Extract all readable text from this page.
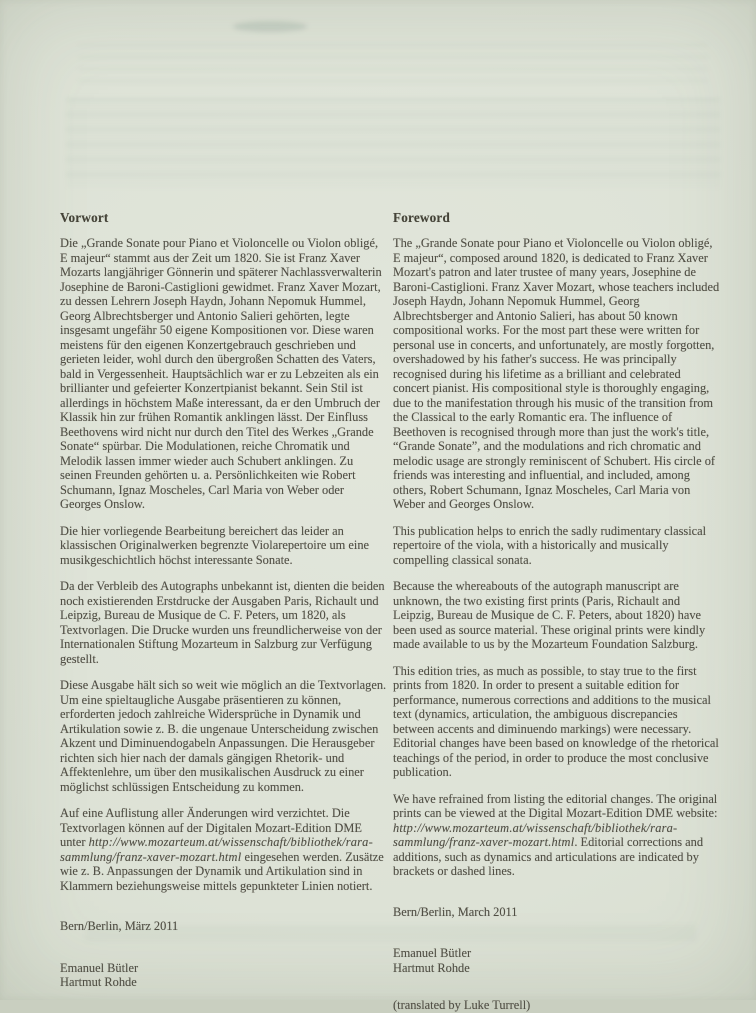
Vorwort

Die „Grande Sonate pour Piano et Violoncelle ou Violon obligé, E majeur“ stammt aus der Zeit um 1820. Sie ist Franz Xaver Mozarts langjähriger Gönnerin und späterer Nachlassverwalterin Josephine de Baroni-Castiglioni gewidmet. Franz Xaver Mozart, zu dessen Lehrern Joseph Haydn, Johann Nepomuk Hummel, Georg Albrechtsberger und Antonio Salieri gehörten, legte insgesamt ungefähr 50 eigene Kompositionen vor. Diese waren meistens für den eigenen Konzertgebrauch geschrieben und gerieten leider, wohl durch den übergroßen Schatten des Vaters, bald in Vergessenheit. Hauptsächlich war er zu Lebzeiten als ein brillianter und gefeierter Konzertpianist bekannt. Sein Stil ist allerdings in höchstem Maße interessant, da er den Umbruch der Klassik hin zur frühen Romantik anklingen lässt. Der Einfluss Beethovens wird nicht nur durch den Titel des Werkes „Grande Sonate“ spürbar. Die Modulationen, reiche Chromatik und Melodik lassen immer wieder auch Schubert anklingen. Zu seinen Freunden gehörten u. a. Persönlichkeiten wie Robert Schumann, Ignaz Moscheles, Carl Maria von Weber oder Georges Onslow.

Die hier vorliegende Bearbeitung bereichert das leider an klassischen Originalwerken begrenzte Violarepertoire um eine musikgeschichtlich höchst interessante Sonate.

Da der Verbleib des Autographs unbekannt ist, dienten die beiden noch existierenden Erstdrucke der Ausgaben Paris, Richault und Leipzig, Bureau de Musique de C. F. Peters, um 1820, als Textvorlagen. Die Drucke wurden uns freundlicherweise von der Internationalen Stiftung Mozarteum in Salzburg zur Verfügung gestellt.

Diese Ausgabe hält sich so weit wie möglich an die Textvorlagen. Um eine spieltaugliche Ausgabe präsentieren zu können, erforderten jedoch zahlreiche Widersprüche in Dynamik und Artikulation sowie z. B. die ungenaue Unterscheidung zwischen Akzent und Diminuendogabeln Anpassungen. Die Herausgeber richten sich hier nach der damals gängigen Rhetorik- und Affektenlehre, um über den musikalischen Ausdruck zu einer möglichst schlüssigen Entscheidung zu kommen.

Auf eine Auflistung aller Änderungen wird verzichtet. Die Textvorlagen können auf der Digitalen Mozart-Edition DME unter http://www.mozarteum.at/wissenschaft/bibliothek/rara-sammlung/franz-xaver-mozart.html eingesehen werden. Zusätze wie z. B. Anpassungen der Dynamik und Artikulation sind in Klammern beziehungsweise mittels gepunkteter Linien notiert.

Bern/Berlin, März 2011

Emanuel Bütler
Hartmut Rohde
Foreword

The „Grande Sonate pour Piano et Violoncelle ou Violon obligé, E majeur“, composed around 1820, is dedicated to Franz Xaver Mozart's patron and later trustee of many years, Josephine de Baroni-Castiglioni. Franz Xaver Mozart, whose teachers included Joseph Haydn, Johann Nepomuk Hummel, Georg Albrechtsberger and Antonio Salieri, has about 50 known compositional works. For the most part these were written for personal use in concerts, and unfortunately, are mostly forgotten, overshadowed by his father's success. He was principally recognised during his lifetime as a brilliant and celebrated concert pianist. His compositional style is thoroughly engaging, due to the manifestation through his music of the transition from the Classical to the early Romantic era. The influence of Beethoven is recognised through more than just the work's title, “Grande Sonate”, and the modulations and rich chromatic and melodic usage are strongly reminiscent of Schubert. His circle of friends was interesting and influential, and included, among others, Robert Schumann, Ignaz Moscheles, Carl Maria von Weber and Georges Onslow.

This publication helps to enrich the sadly rudimentary classical repertoire of the viola, with a historically and musically compelling classical sonata.

Because the whereabouts of the autograph manuscript are unknown, the two existing first prints (Paris, Richault and Leipzig, Bureau de Musique de C. F. Peters, about 1820) have been used as source material. These original prints were kindly made available to us by the Mozarteum Foundation Salzburg.

This edition tries, as much as possible, to stay true to the first prints from 1820. In order to present a suitable edition for performance, numerous corrections and additions to the musical text (dynamics, articulation, the ambiguous discrepancies between accents and diminuendo markings) were necessary. Editorial changes have been based on knowledge of the rhetorical teachings of the period, in order to produce the most conclusive publication.

We have refrained from listing the editorial changes. The original prints can be viewed at the Digital Mozart-Edition DME website: http://www.mozarteum.at/wissenschaft/bibliothek/rara-sammlung/franz-xaver-mozart.html. Editorial corrections and additions, such as dynamics and articulations are indicated by brackets or dashed lines.

Bern/Berlin, March 2011

Emanuel Bütler
Hartmut Rohde

(translated by Luke Turrell)
